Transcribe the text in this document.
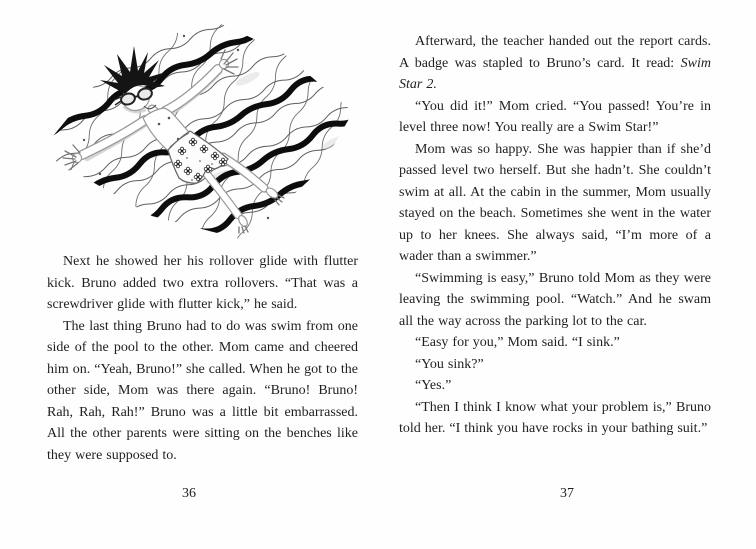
Next he showed her his rollover glide with flutter kick. Bruno added two extra rollovers. “That was a screwdriver glide with flutter kick,” he said.

The last thing Bruno had to do was swim from one side of the pool to the other. Mom came and cheered him on. “Yeah, Bruno!” she called. When he got to the other side, Mom was there again. “Bruno! Bruno! Rah, Rah, Rah!” Bruno was a little bit embarrassed. All the other parents were sitting on the benches like they were supposed to.

36

Afterward, the teacher handed out the report cards. A badge was stapled to Bruno’s card. It read: Swim Star 2.

“You did it!” Mom cried. “You passed! You’re in level three now! You really are a Swim Star!”

Mom was so happy. She was happier than if she’d passed level two herself. But she hadn’t. She couldn’t swim at all. At the cabin in the summer, Mom usually stayed on the beach. Sometimes she went in the water up to her knees. She always said, “I’m more of a wader than a swimmer.”

“Swimming is easy,” Bruno told Mom as they were leaving the swimming pool. “Watch.” And he swam all the way across the parking lot to the car.

“Easy for you,” Mom said. “I sink.”

“You sink?”

“Yes.”

“Then I think I know what your problem is,” Bruno told her. “I think you have rocks in your bathing suit.”

37
